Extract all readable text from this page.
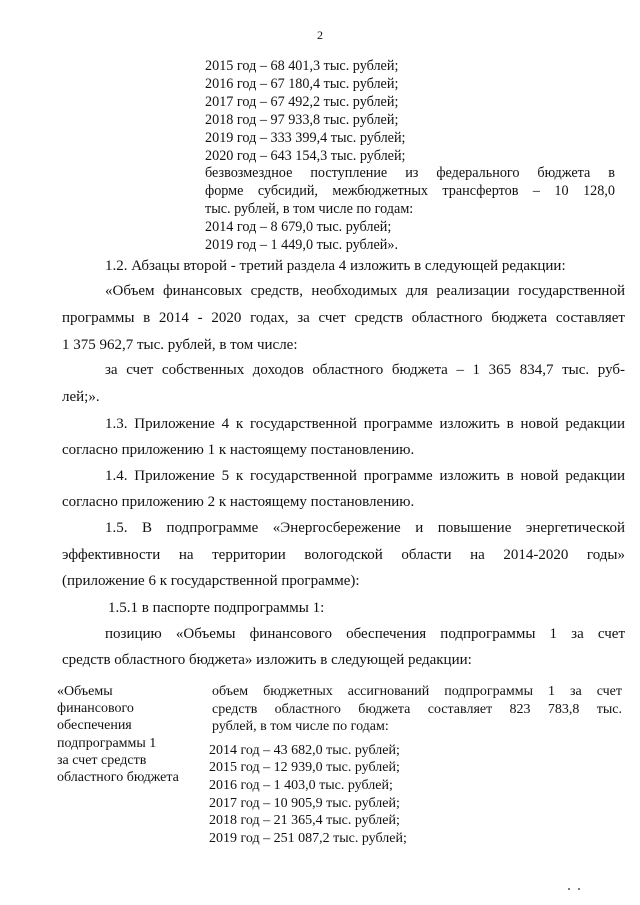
2
2015 год – 68 401,3 тыс. рублей;
2016 год – 67 180,4 тыс. рублей;
2017 год – 67 492,2 тыс. рублей;
2018 год – 97 933,8 тыс. рублей;
2019 год – 333 399,4 тыс. рублей;
2020 год – 643 154,3 тыс. рублей;
безвозмездное поступление из федерального бюджета в
форме субсидий, межбюджетных трансфертов – 10 128,0
тыс. рублей, в том числе по годам:
2014 год – 8 679,0 тыс. рублей;
2019 год – 1 449,0 тыс. рублей».
1.2. Абзацы второй - третий раздела 4 изложить в следующей редакции:
«Объем финансовых средств, необходимых для реализации государственной
программы в 2014 - 2020 годах, за счет средств областного бюджета составляет
1 375 962,7 тыс. рублей, в том числе:
за счет собственных доходов областного бюджета – 1 365 834,7 тыс. руб-
лей;».
1.3. Приложение 4 к государственной программе изложить в новой редакции
согласно приложению 1 к настоящему постановлению.
1.4. Приложение 5 к государственной программе изложить в новой редакции
согласно приложению 2 к настоящему постановлению.
1.5. В подпрограмме «Энергосбережение и повышение энергетической
эффективности на территории вологодской области на 2014-2020 годы»
(приложение 6 к государственной программе):
1.5.1 в паспорте подпрограммы 1:
позицию «Объемы финансового обеспечения подпрограммы 1 за счет
средств областного бюджета» изложить в следующей редакции:
«Объемы
финансового
обеспечения
подпрограммы 1
за счет средств
областного бюджета
объем бюджетных ассигнований подпрограммы 1 за счет
средств областного бюджета составляет 823 783,8 тыс.
рублей, в том числе по годам:
2014 год – 43 682,0 тыс. рублей;
2015 год – 12 939,0 тыс. рублей;
2016 год – 1 403,0 тыс. рублей;
2017 год – 10 905,9 тыс. рублей;
2018 год – 21 365,4 тыс. рублей;
2019 год – 251 087,2 тыс. рублей;
